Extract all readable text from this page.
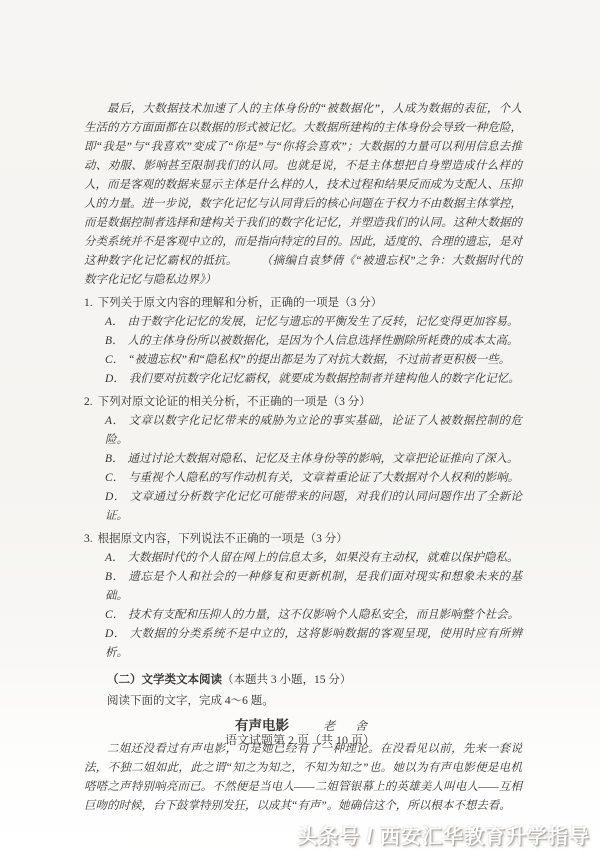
最后，大数据技术加速了人的主体身份的“被数据化”，人成为数据的表征，个人生活的方方面面都在以数据的形式被记忆。大数据所建构的主体身份会导致一种危险，即“我是”与“我喜欢”变成了“你是”与“你将会喜欢”；大数据的力量可以利用信息去推动、劝服、影响甚至限制我们的认同。也就是说，不是主体想把自身塑造成什么样的人，而是客观的数据来显示主体是什么样的人，技术过程和结果反而成为支配人、压抑人的力量。进一步说，数字化记忆与认同背后的核心问题在于权力不由数据主体掌控，而是数据控制者选择和建构关于我们的数字化记忆，并塑造我们的认同。这种大数据的分类系统并不是客观中立的，而是指向特定的目的。因此，适度的、合理的遗忘，是对这种数字化记忆霸权的抵抗。 （摘编自袁梦倩《“被遗忘权”之争：大数据时代的数字化记忆与隐私边界》）

1. 下列关于原文内容的理解和分析，正确的一项是（3 分）
A． 由于数字化记忆的发展，记忆与遗忘的平衡发生了反转，记忆变得更加容易。
B． 人的主体身份所以被数据化，是因为个人信息选择性删除所耗费的成本太高。
C． “被遗忘权”和“隐私权”的提出都是为了对抗大数据，不过前者更积极一些。
D． 我们要对抗数字化记忆霸权，就要成为数据控制者并建构他人的数字化记忆。
2. 下列对原文论证的相关分析，不正确的一项是（3 分）
A． 文章以数字化记忆带来的威胁为立论的事实基础，论证了人被数据控制的危险。
B． 通过讨论大数据对隐私、记忆及主体身份等的影响，文章把论证推向了深入。
C． 与重视个人隐私的写作动机有关，文章着重论证了大数据对个人权利的影响。
D． 文章通过分析数字化记忆可能带来的问题，对我们的认同问题作出了全新论证。
3. 根据原文内容，下列说法不正确的一项是（3 分）
A． 大数据时代的个人留在网上的信息太多，如果没有主动权，就难以保护隐私。
B． 遗忘是个人和社会的一种修复和更新机制，是我们面对现实和想象未来的基础。
C． 技术有支配和压抑人的力量，这不仅影响个人隐私安全，而且影响整个社会。
D． 大数据的分类系统不是中立的，这将影响数据的客观呈现，使用时应有所辨析。
（二）文学类文本阅读（本题共 3 小题，15 分）
阅读下面的文字，完成 4～6 题。
有声电影	老　舍

二姐还没看过有声电影，可是她已经有了一种理论。在没看见以前，先来一套说法，不独二姐如此，此之谓“知之为知之，不知为知之”也。她以为有声电影便是电机嗒嗒之声特别响亮而已。不然便是当电人——二姐管银幕上的英雄美人叫电人——互相巨吻的时候，台下鼓掌特别发狂，以成其“有声”。她确信这个，所以根本不想去看。

语文试题第 2 页（共 10 页）
头条号 / 西安汇华教育升学指导
